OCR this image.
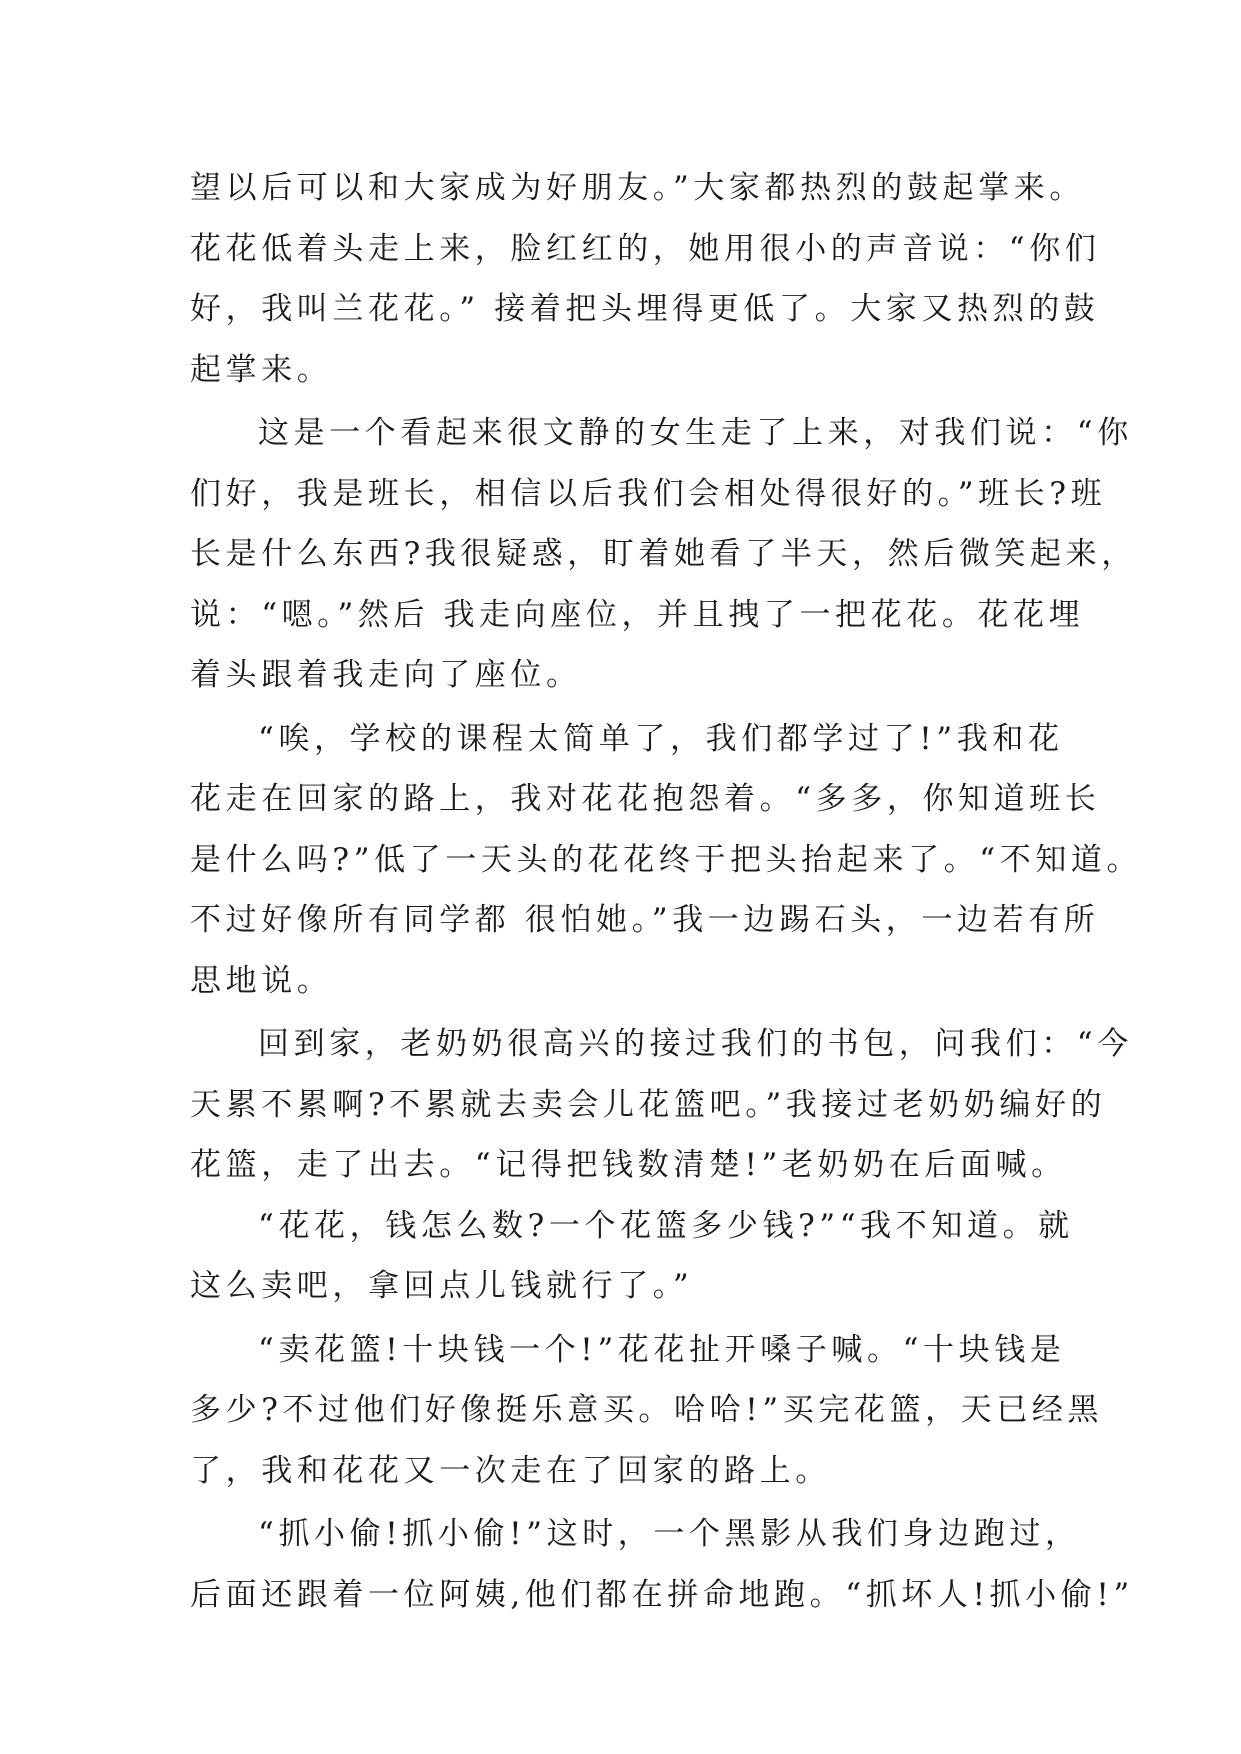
望以后可以和大家成为好朋友。”大家都热烈的鼓起掌来。
花花低着头走上来，脸红红的，她用很小的声音说：“你们
好，我叫兰花花。” 接着把头埋得更低了。大家又热烈的鼓
起掌来。
这是一个看起来很文静的女生走了上来，对我们说：“你
们好，我是班长，相信以后我们会相处得很好的。”班长?班
长是什么东西?我很疑惑，盯着她看了半天，然后微笑起来，
说：“嗯。”然后 我走向座位，并且拽了一把花花。花花埋
着头跟着我走向了座位。
“唉，学校的课程太简单了，我们都学过了!”我和花
花走在回家的路上，我对花花抱怨着。“多多，你知道班长
是什么吗?”低了一天头的花花终于把头抬起来了。“不知道。
不过好像所有同学都 很怕她。”我一边踢石头，一边若有所
思地说。
回到家，老奶奶很高兴的接过我们的书包，问我们：“今
天累不累啊?不累就去卖会儿花篮吧。”我接过老奶奶编好的
花篮，走了出去。“记得把钱数清楚!”老奶奶在后面喊。
“花花，钱怎么数?一个花篮多少钱?”“我不知道。就
这么卖吧，拿回点儿钱就行了。”
“卖花篮!十块钱一个!”花花扯开嗓子喊。“十块钱是
多少?不过他们好像挺乐意买。哈哈!”买完花篮，天已经黑
了，我和花花又一次走在了回家的路上。
“抓小偷!抓小偷!”这时，一个黑影从我们身边跑过，
后面还跟着一位阿姨,他们都在拼命地跑。“抓坏人!抓小偷!”
